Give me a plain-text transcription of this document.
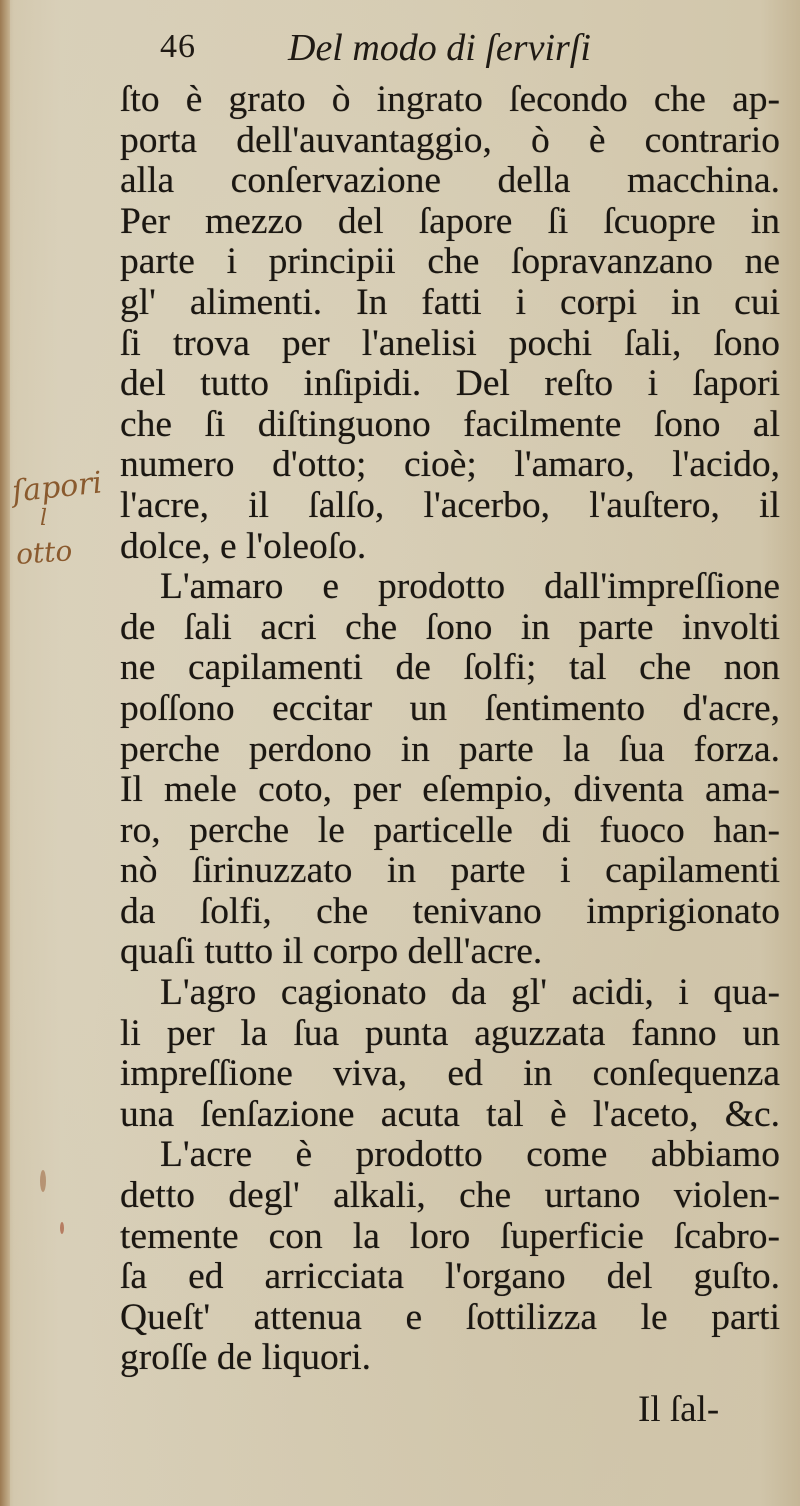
46 Del modo di ſervirſi
ſapori
l
otto
ſto è grato ò ingrato ſecondo che ap-
porta dell'auvantaggio, ò è contrario
alla conſervazione della macchina.
Per mezzo del ſapore ſi ſcuopre in
parte i principii che ſopravanzano ne
gl' alimenti. In fatti i corpi in cui
ſi trova per l'anelisi pochi ſali, ſono
del tutto inſipidi. Del reſto i ſapori
che ſi diſtinguono facilmente ſono al
numero d'otto; cioè; l'amaro, l'acido,
l'acre, il ſalſo, l'acerbo, l'auſtero, il
dolce, e l'oleoſo.
L'amaro e prodotto dall'impreſſione
de ſali acri che ſono in parte involti
ne capilamenti de ſolfi; tal che non
poſſono eccitar un ſentimento d'acre,
perche perdono in parte la ſua forza.
Il mele coto, per eſempio, diventa ama-
ro, perche le particelle di fuoco han-
nò ſirinuzzato in parte i capilamenti
da ſolfi, che tenivano imprigionato
quaſi tutto il corpo dell'acre.
L'agro cagionato da gl' acidi, i qua-
li per la ſua punta aguzzata fanno un
impreſſione viva, ed in conſequenza
una ſenſazione acuta tal è l'aceto, &c.
L'acre è prodotto come abbiamo
detto degl' alkali, che urtano violen-
temente con la loro ſuperficie ſcabro-
ſa ed arricciata l'organo del guſto.
Queſt' attenua e ſottilizza le parti
groſſe de liquori.
Il ſal-
